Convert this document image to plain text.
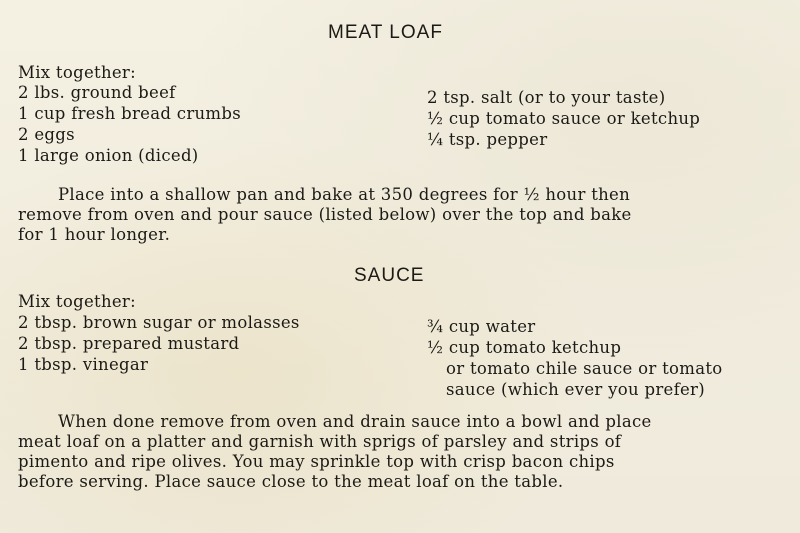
MEAT LOAF
Mix together:
2 lbs. ground beef
1 cup fresh bread crumbs
2 eggs
1 large onion (diced)
2 tsp. salt (or to your taste)
½ cup tomato sauce or ketchup
¼ tsp. pepper
Place into a shallow pan and bake at 350 degrees for ½ hour then
remove from oven and pour sauce (listed below) over the top and bake
for 1 hour longer.
SAUCE
Mix together:
2 tbsp. brown sugar or molasses
2 tbsp. prepared mustard
1 tbsp. vinegar
¾ cup water
½ cup tomato ketchup
or tomato chile sauce or tomato
sauce (which ever you prefer)
When done remove from oven and drain sauce into a bowl and place
meat loaf on a platter and garnish with sprigs of parsley and strips of
pimento and ripe olives. You may sprinkle top with crisp bacon chips
before serving. Place sauce close to the meat loaf on the table.
